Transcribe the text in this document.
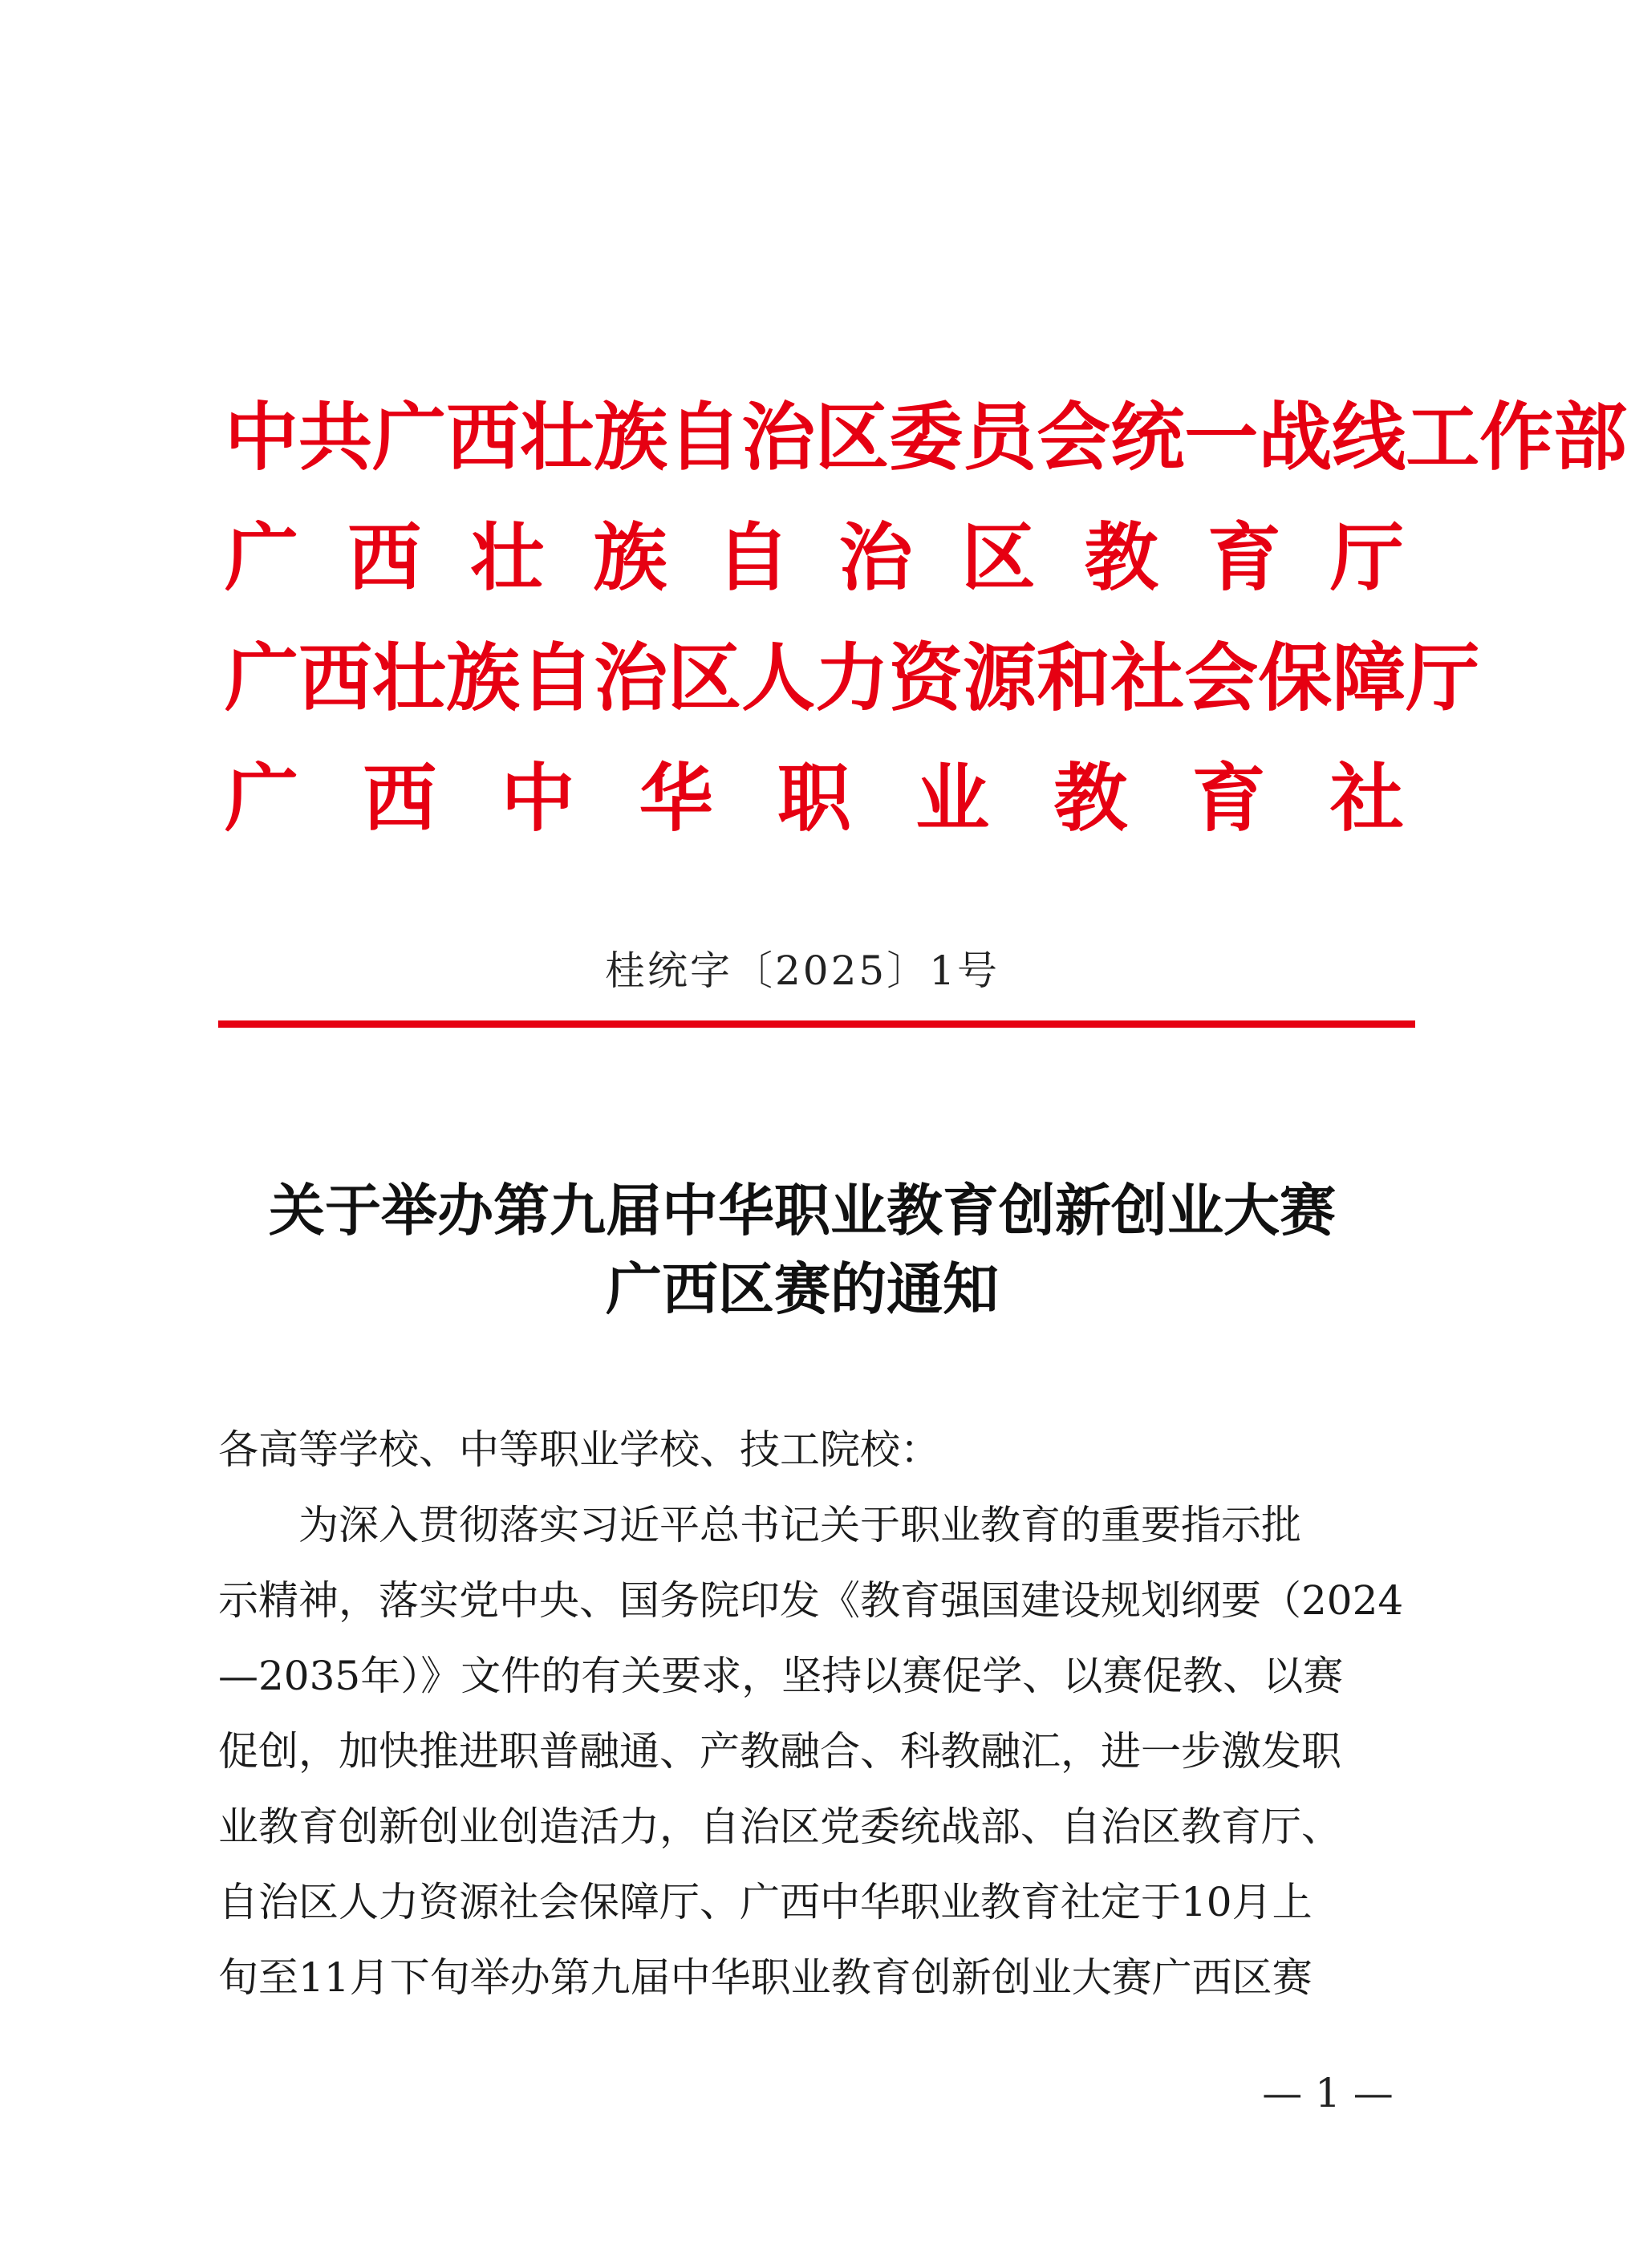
中 共 广 西 壮 族 自 治 区 委 员 会 统 一 战 线 工 作 部
广 西 壮 族 自 治 区 教 育 厅
广 西 壮 族 自 治 区 人 力 资 源 和 社 会 保 障 厅
广 西 中 华 职 业 教 育 社
桂统字〔2025〕1号
关于举办第九届中华职业教育创新创业大赛
广西区赛的通知

各高等学校、中等职业学校、技工院校：

为深入贯彻落实习近平总书记关于职业教育的重要指示批
示精神，落实党中央、国务院印发《教育强国建设规划纲要（2024
—2035年）》文件的有关要求，坚持以赛促学、以赛促教、以赛
促创，加快推进职普融通、产教融合、科教融汇，进一步激发职
业教育创新创业创造活力，自治区党委统战部、自治区教育厅、
自治区人力资源社会保障厅、广西中华职业教育社定于10月上
旬至11月下旬举办第九届中华职业教育创新创业大赛广西区赛

— 1 —
